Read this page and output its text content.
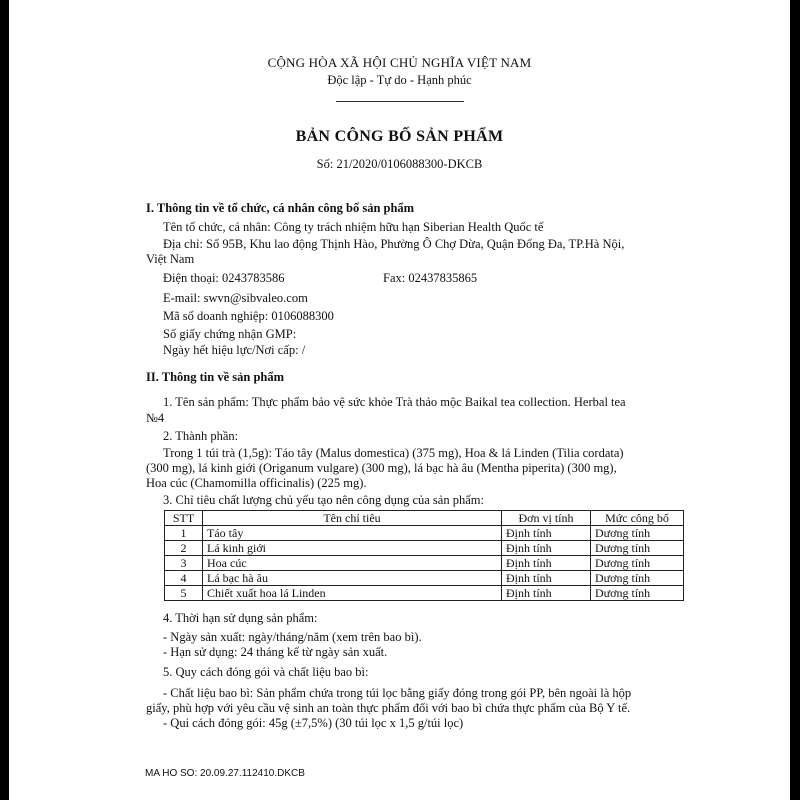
CỘNG HÒA XÃ HỘI CHỦ NGHĨA VIỆT NAM
Độc lập - Tự do - Hạnh phúc
BẢN CÔNG BỐ SẢN PHẨM
Số: 21/2020/0106088300-DKCB
I. Thông tin về tổ chức, cá nhân công bố sản phẩm
Tên tổ chức, cá nhân: Công ty trách nhiệm hữu hạn Siberian Health Quốc tế
Địa chỉ: Số 95B, Khu lao động Thịnh Hào, Phường Ô Chợ Dừa, Quận Đống Đa, TP.Hà Nội,
Việt Nam
Điện thoại: 0243783586	Fax: 02437835865
E-mail: swvn@sibvaleo.com
Mã số doanh nghiệp: 0106088300
Số giấy chứng nhận GMP:
Ngày hết hiệu lực/Nơi cấp: /
II. Thông tin về sản phẩm
1. Tên sản phẩm: Thực phẩm bảo vệ sức khỏe Trà thảo mộc Baikal tea collection. Herbal tea
№4
2. Thành phần:
Trong 1 túi trà (1,5g): Táo tây (Malus domestica) (375 mg), Hoa & lá Linden (Tilia cordata)
(300 mg), lá kinh giới (Origanum vulgare) (300 mg), lá bạc hà âu (Mentha piperita) (300 mg),
Hoa cúc (Chamomilla officinalis) (225 mg).
3. Chỉ tiêu chất lượng chủ yếu tạo nên công dụng của sản phẩm:
STT	Tên chỉ tiêu	Đơn vị tính	Mức công bố
1	Táo tây	Định tính	Dương tính
2	Lá kinh giới	Định tính	Dương tính
3	Hoa cúc	Định tính	Dương tính
4	Lá bạc hà âu	Định tính	Dương tính
5	Chiết xuất hoa lá Linden	Định tính	Dương tính
4. Thời hạn sử dụng sản phẩm:
- Ngày sản xuất: ngày/tháng/năm (xem trên bao bì).
- Hạn sử dụng: 24 tháng kể từ ngày sản xuất.
5. Quy cách đóng gói và chất liệu bao bì:
- Chất liệu bao bì: Sản phẩm chứa trong túi lọc bằng giấy đóng trong gói PP, bên ngoài là hộp
giấy, phù hợp với yêu cầu vệ sinh an toàn thực phẩm đối với bao bì chứa thực phẩm của Bộ Y tế.
- Qui cách đóng gói: 45g (±7,5%) (30 túi lọc x 1,5 g/túi lọc)
MA HO SO: 20.09.27.112410.DKCB
